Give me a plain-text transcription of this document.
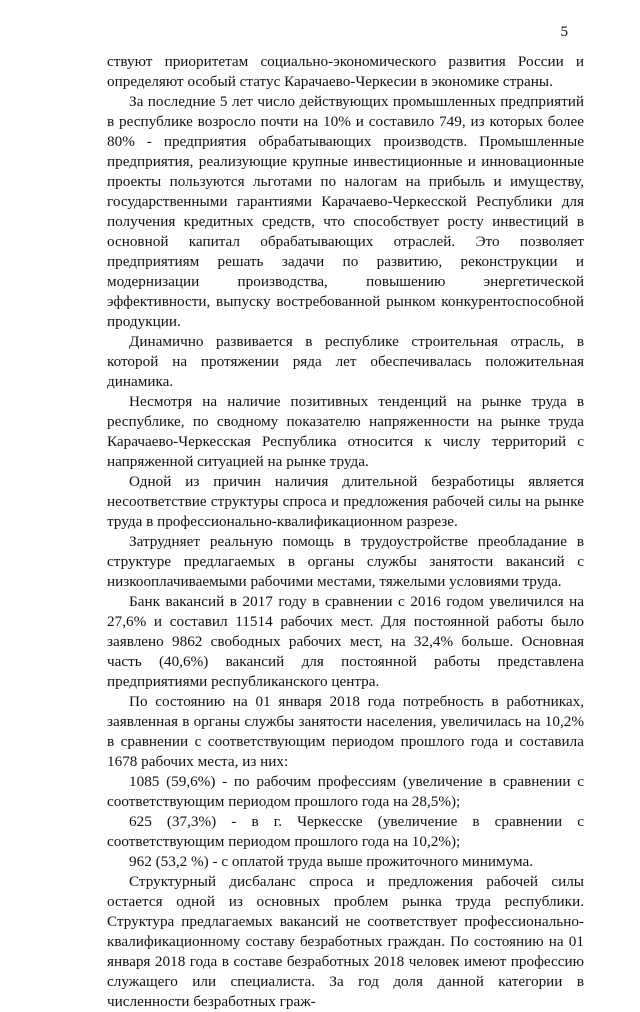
5

ствуют приоритетам социально-экономического развития России и определяют особый статус Карачаево-Черкесии в экономике страны.

За последние 5 лет число действующих промышленных предприятий в республике возросло почти на 10% и составило 749, из которых более 80% - предприятия обрабатывающих производств. Промышленные предприятия, реализующие крупные инвестиционные и инновационные проекты пользуются льготами по налогам на прибыль и имуществу, государственными гарантиями Карачаево-Черкесской Республики для получения кредитных средств, что способствует росту инвестиций в основной капитал обрабатывающих отраслей. Это позволяет предприятиям решать задачи по развитию, реконструкции и модернизации производства, повышению энергетической эффективности, выпуску востребованной рынком конкурентоспособной продукции.

Динамично развивается в республике строительная отрасль, в которой на протяжении ряда лет обеспечивалась положительная динамика.

Несмотря на наличие позитивных тенденций на рынке труда в республике, по сводному показателю напряженности на рынке труда Карачаево-Черкесская Республика относится к числу территорий с напряженной ситуацией на рынке труда.

Одной из причин наличия длительной безработицы является несоответствие структуры спроса и предложения рабочей силы на рынке труда в профессионально-квалификационном разрезе.

Затрудняет реальную помощь в трудоустройстве преобладание в структуре предлагаемых в органы службы занятости вакансий с низкооплачиваемыми рабочими местами, тяжелыми условиями труда.

Банк вакансий в 2017 году в сравнении с 2016 годом увеличился на 27,6% и составил 11514 рабочих мест. Для постоянной работы было заявлено 9862 свободных рабочих мест, на 32,4% больше. Основная часть (40,6%) вакансий для постоянной работы представлена предприятиями республиканского центра.

По состоянию на 01 января 2018 года потребность в работниках, заявленная в органы службы занятости населения, увеличилась на 10,2% в сравнении с соответствующим периодом прошлого года и составила 1678 рабочих места, из них:

1085 (59,6%) - по рабочим профессиям (увеличение в сравнении с соответствующим периодом прошлого года на 28,5%);

625 (37,3%) - в г. Черкесске (увеличение в сравнении с соответствующим периодом прошлого года на 10,2%);

962 (53,2 %) - с оплатой труда выше прожиточного минимума.

Структурный дисбаланс спроса и предложения рабочей силы остается одной из основных проблем рынка труда республики. Структура предлагаемых вакансий не соответствует профессионально- квалификационному составу безработных граждан. По состоянию на 01 января 2018 года в составе безработных 2018 человек имеют профессию служащего или специалиста. За год доля данной категории в численности безработных граж-
